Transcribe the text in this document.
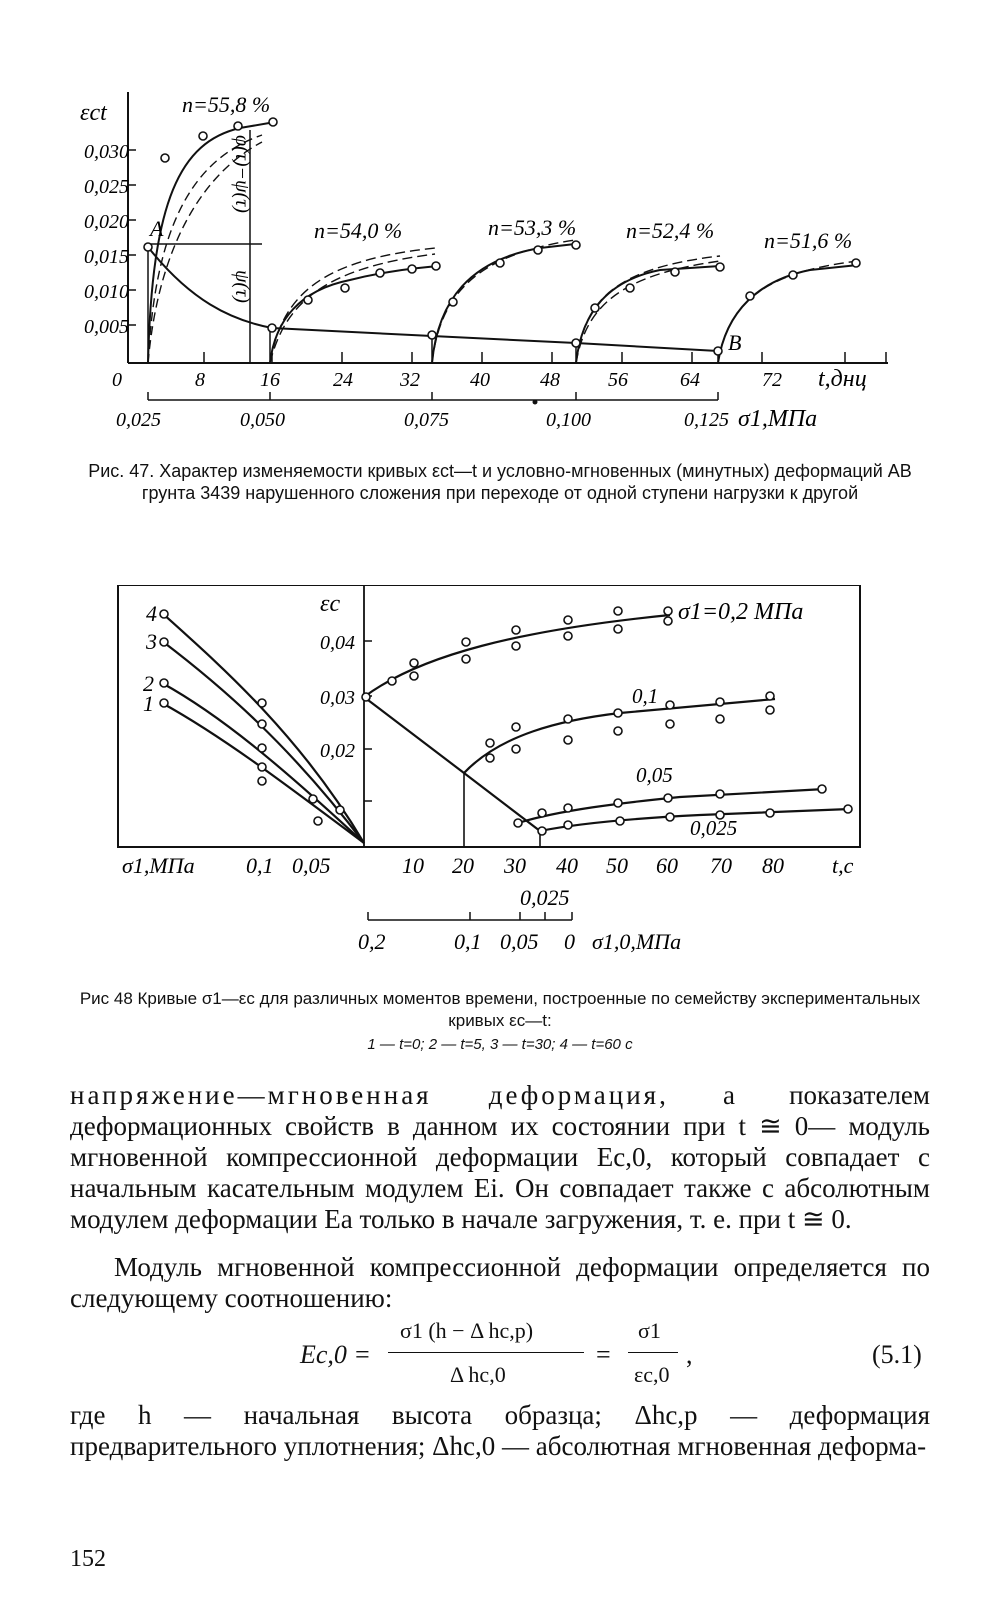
εct
0,030
0,025
0,020
0,015
0,010
0,005
0	8	16	24 32	40	48 56	64	72 t,днц
0,025	0,050	0,075	0,100	0,125 σ1,МПа
n=55,8 %
n=54,0 %	n=53,3 % n=52,4 % n=51,6 %
A
B
ψ(τ)
φ(τ)−ψ(τ)
Рис. 47. Характер изменяемости кривых εct—t и условно-мгновенных (минутных) деформаций AB грунта 3439 нарушенного сложения при переходе от одной ступени нагрузки к другой
εc
0,04
0,03
0,02
4
3
2
1
σ1=0,2 МПа
0,1
0,05
0,025
σ1,МПа 0,1 0,05	10 20 30 40 50 60 70 80 t,c
0,025
0,2	0,1 0,05 0 σ1,0,МПа
Рис 48 Кривые σ1—εc для различных моментов времени, построенные по семейству экспериментальных кривых εc—t:
1 — t=0; 2 — t=5, 3 — t=30; 4 — t=60 c
напряжение—мгновенная деформация, а показателем деформационных свойств в данном их состоянии при t ≅ 0— модуль мгновенной компрессионной деформации Ec,0, который совпадает с начальным касательным модулем Ei. Он совпадает также с абсолютным модулем деформации Ea только в начале загружения, т. е. при t ≅ 0.
Модуль мгновенной компрессионной деформации определяется по следующему соотношению:
Ec,0 =
σ1 (h − Δ hc,p)
Δ hc,0
=
σ1
εc,0
,	(5.1)
где h — начальная высота образца; Δhc,p — деформация предварительного уплотнения; Δhc,0 — абсолютная мгновенная деформа-
152
